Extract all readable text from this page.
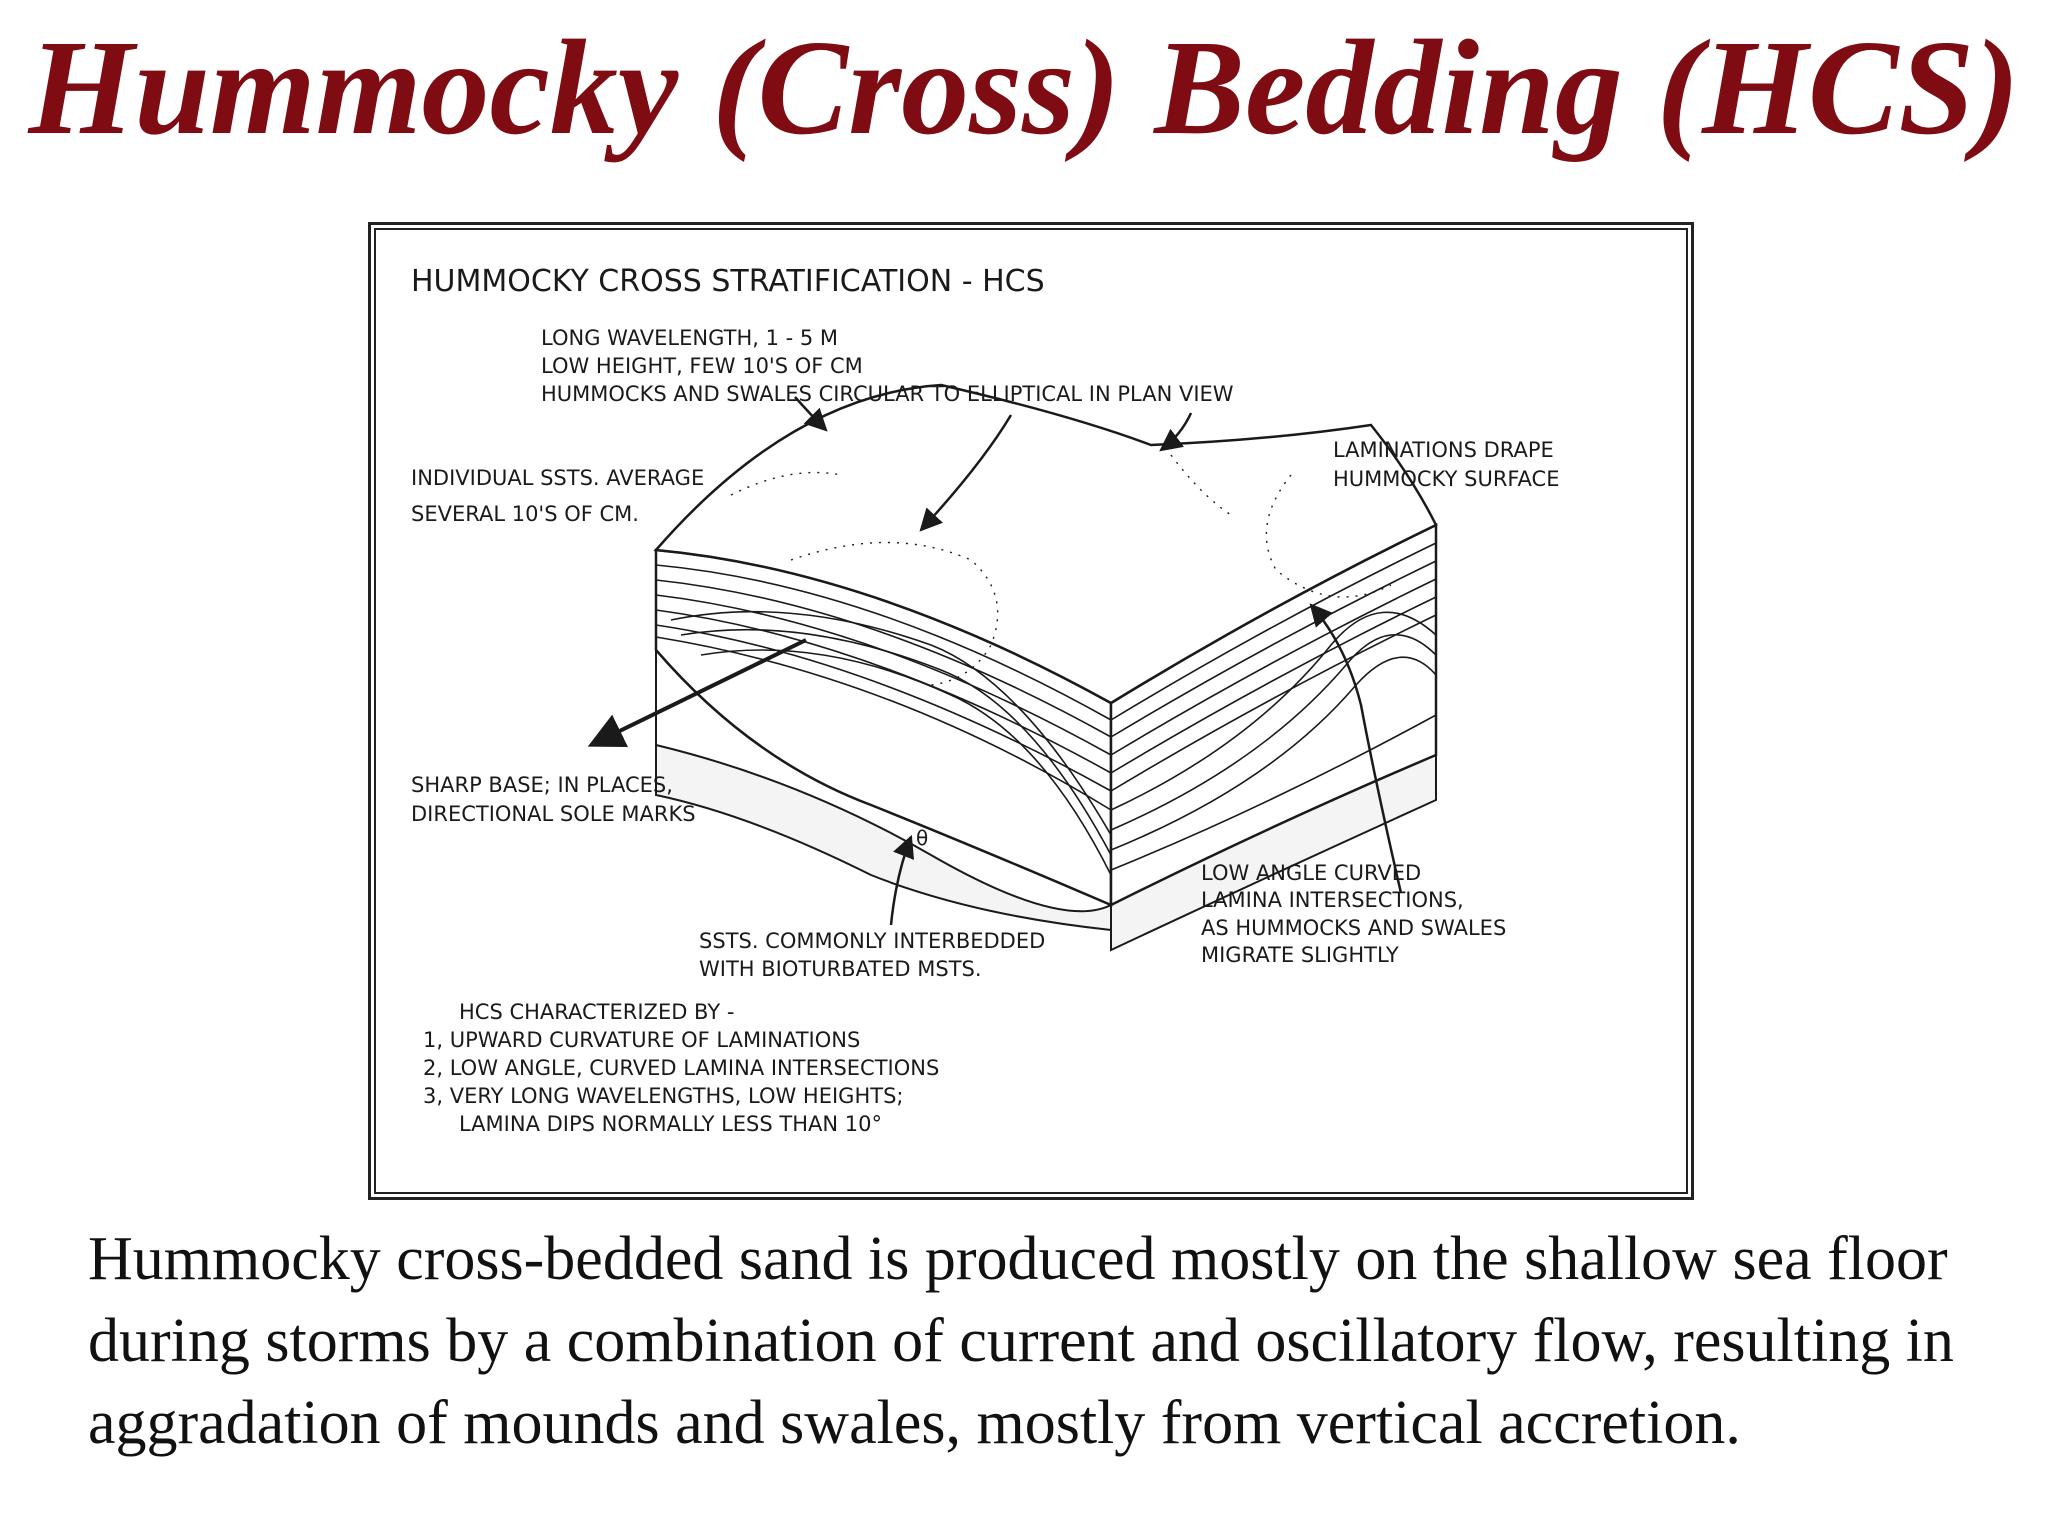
Hummocky (Cross) Bedding (HCS)
θ
HUMMOCKY CROSS STRATIFICATION - HCS
LONG WAVELENGTH, 1 - 5 M
LOW HEIGHT, FEW 10'S OF CM
HUMMOCKS AND SWALES CIRCULAR TO ELLIPTICAL IN PLAN VIEW
INDIVIDUAL SSTS. AVERAGE
SEVERAL 10'S OF CM.
LAMINATIONS DRAPE
HUMMOCKY SURFACE
SHARP BASE; IN PLACES,
DIRECTIONAL SOLE MARKS
LOW ANGLE CURVED
LAMINA INTERSECTIONS,
AS HUMMOCKS AND SWALES
MIGRATE SLIGHTLY
SSTS. COMMONLY INTERBEDDED
WITH BIOTURBATED MSTS.
HCS CHARACTERIZED BY -
1, UPWARD CURVATURE OF LAMINATIONS
2, LOW ANGLE, CURVED LAMINA INTERSECTIONS
3, VERY LONG WAVELENGTHS, LOW HEIGHTS;
LAMINA DIPS NORMALLY LESS THAN 10°
Hummocky cross-bedded sand is produced mostly on the shallow sea floor during storms by a combination of current and oscillatory flow, resulting in aggradation of mounds and swales, mostly from vertical accretion.
